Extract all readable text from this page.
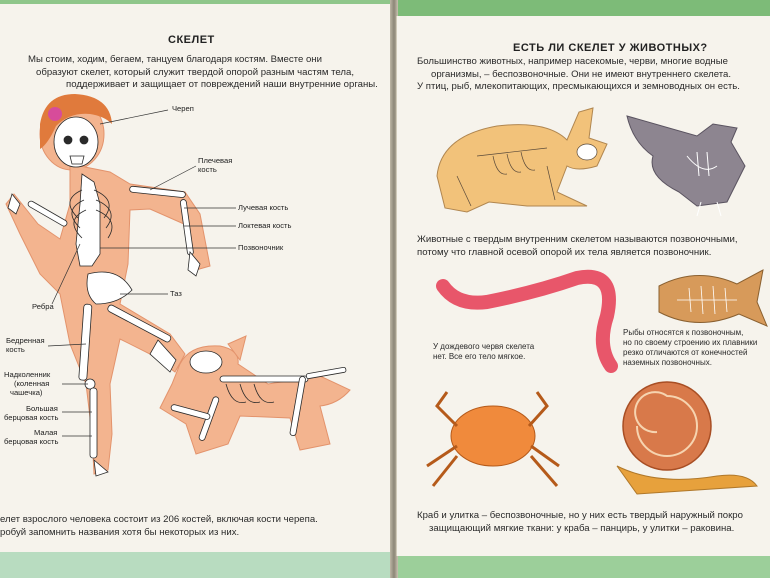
СКЕЛЕТ
Мы стоим, ходим, бегаем, танцуем благодаря костям. Вместе они
образуют скелет, который служит твердой опорой разным частям тела,
поддерживает и защищает от повреждений наши внутренние органы.
Череп
Плечевая
кость
Лучевая кость
Локтевая кость
Позвоночник
Таз
Ребра
Бедренная
кость
Надколенник
(коленная
чашечка)
Большая
берцовая кость
Малая
берцовая кость
елет взрослого человека состоит из 206 костей, включая кости черепа.
робуй запомнить названия хотя бы некоторых из них.
ЕСТЬ ЛИ СКЕЛЕТ У ЖИВОТНЫХ?
Большинство животных, например насекомые, черви, многие водные
организмы, – беспозвоночные. Они не имеют внутреннего скелета.
У птиц, рыб, млекопитающих, пресмыкающихся и земноводных он есть.
Животные с твердым внутренним скелетом называются позвоночными,
потому что главной осевой опорой их тела является позвоночник.
У дождевого червя скелета
нет. Все его тело мягкое.
Рыбы относятся к позвоночным,
но по своему строению их плавники
резко отличаются от конечностей
наземных позвоночных.
Краб и улитка – беспозвоночные, но у них есть твердый наружный покро
защищающий мягкие ткани: у краба – панцирь, у улитки – раковина.
